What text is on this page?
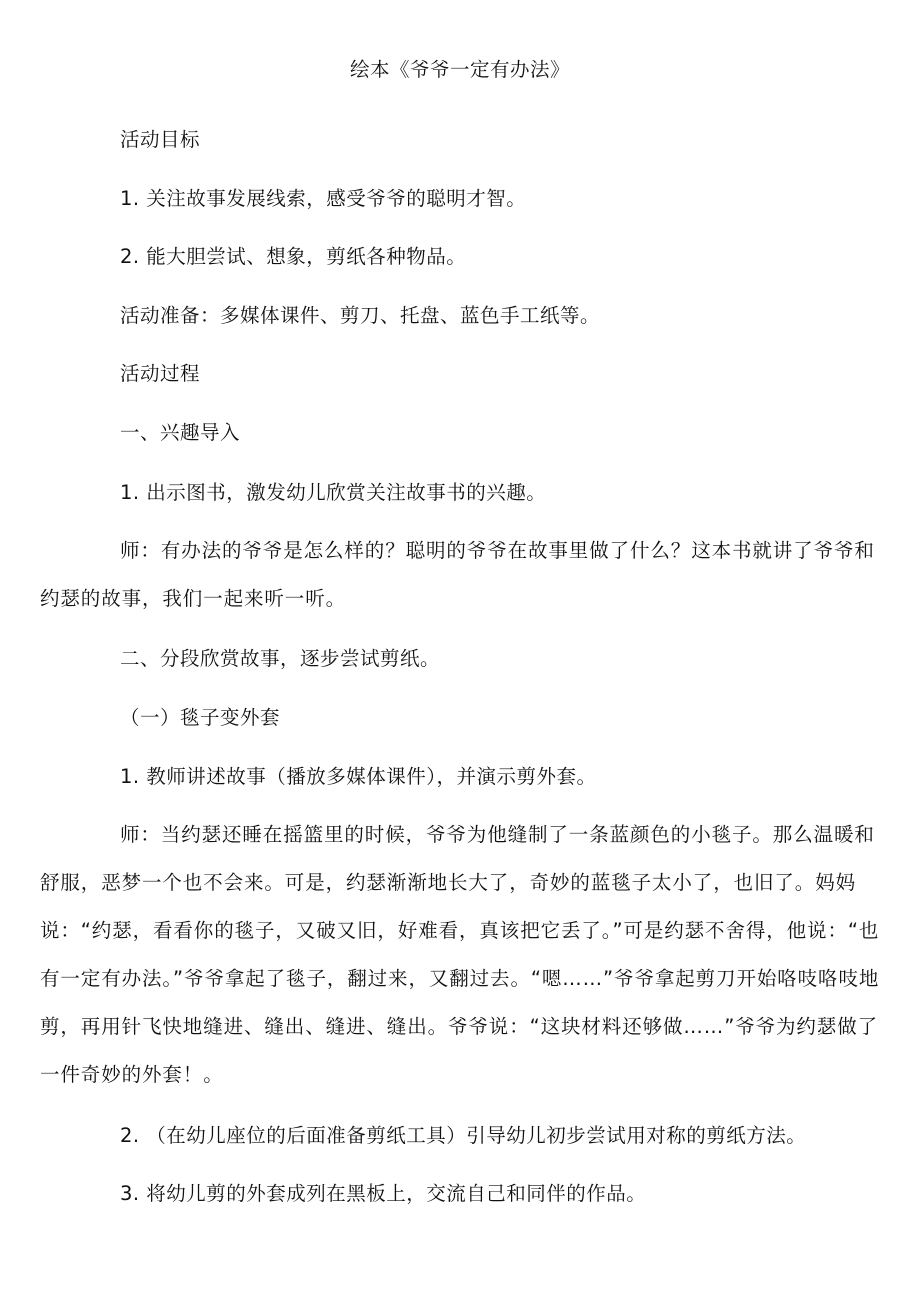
绘本《爷爷一定有办法》
活动目标
1. 关注故事发展线索，感受爷爷的聪明才智。
2. 能大胆尝试、想象，剪纸各种物品。
活动准备：多媒体课件、剪刀、托盘、蓝色手工纸等。
活动过程
一、兴趣导入
1. 出示图书，激发幼儿欣赏关注故事书的兴趣。
师：有办法的爷爷是怎么样的？聪明的爷爷在故事里做了什么？这本书就讲了爷爷和约瑟的故事，我们一起来听一听。
二、分段欣赏故事，逐步尝试剪纸。
（一）毯子变外套
1. 教师讲述故事（播放多媒体课件），并演示剪外套。
师：当约瑟还睡在摇篮里的时候，爷爷为他缝制了一条蓝颜色的小毯子。那么温暖和舒服，恶梦一个也不会来。可是，约瑟渐渐地长大了，奇妙的蓝毯子太小了，也旧了。妈妈说：“约瑟，看看你的毯子，又破又旧，好难看，真该把它丢了。”可是约瑟不舍得，他说：“也有一定有办法。”爷爷拿起了毯子，翻过来，又翻过去。“嗯……”爷爷拿起剪刀开始咯吱咯吱地剪，再用针飞快地缝进、缝出、缝进、缝出。爷爷说：“这块材料还够做……”爷爷为约瑟做了一件奇妙的外套！。
2. （在幼儿座位的后面准备剪纸工具）引导幼儿初步尝试用对称的剪纸方法。
3. 将幼儿剪的外套成列在黑板上，交流自己和同伴的作品。
